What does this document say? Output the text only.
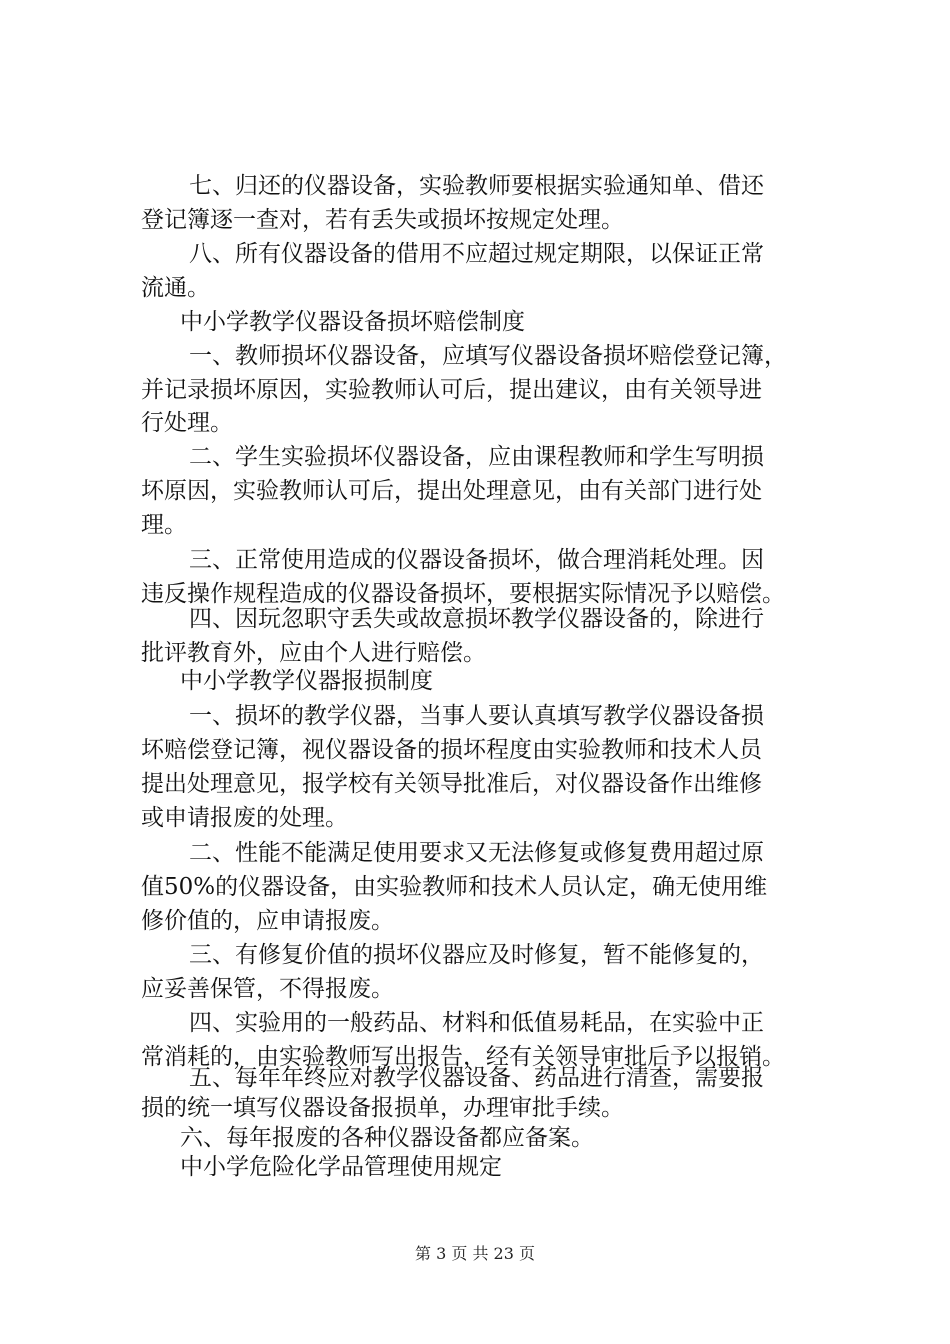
七、归还的仪器设备，实验教师要根据实验通知单、借还
登记簿逐一查对，若有丢失或损坏按规定处理。
八、所有仪器设备的借用不应超过规定期限，以保证正常
流通。
中小学教学仪器设备损坏赔偿制度
一、教师损坏仪器设备，应填写仪器设备损坏赔偿登记簿，
并记录损坏原因，实验教师认可后，提出建议，由有关领导进
行处理。
二、学生实验损坏仪器设备，应由课程教师和学生写明损
坏原因，实验教师认可后，提出处理意见，由有关部门进行处
理。
三、正常使用造成的仪器设备损坏，做合理消耗处理。因
违反操作规程造成的仪器设备损坏，要根据实际情况予以赔偿。
四、因玩忽职守丢失或故意损坏教学仪器设备的，除进行
批评教育外，应由个人进行赔偿。
中小学教学仪器报损制度
一、损坏的教学仪器，当事人要认真填写教学仪器设备损
坏赔偿登记簿，视仪器设备的损坏程度由实验教师和技术人员
提出处理意见，报学校有关领导批准后，对仪器设备作出维修
或申请报废的处理。
二、性能不能满足使用要求又无法修复或修复费用超过原
值50%的仪器设备，由实验教师和技术人员认定，确无使用维
修价值的，应申请报废。
三、有修复价值的损坏仪器应及时修复，暂不能修复的，
应妥善保管，不得报废。
四、实验用的一般药品、材料和低值易耗品，在实验中正
常消耗的，由实验教师写出报告，经有关领导审批后予以报销。
五、每年年终应对教学仪器设备、药品进行清查，需要报
损的统一填写仪器设备报损单，办理审批手续。
六、每年报废的各种仪器设备都应备案。
中小学危险化学品管理使用规定
第 3 页 共 23 页
